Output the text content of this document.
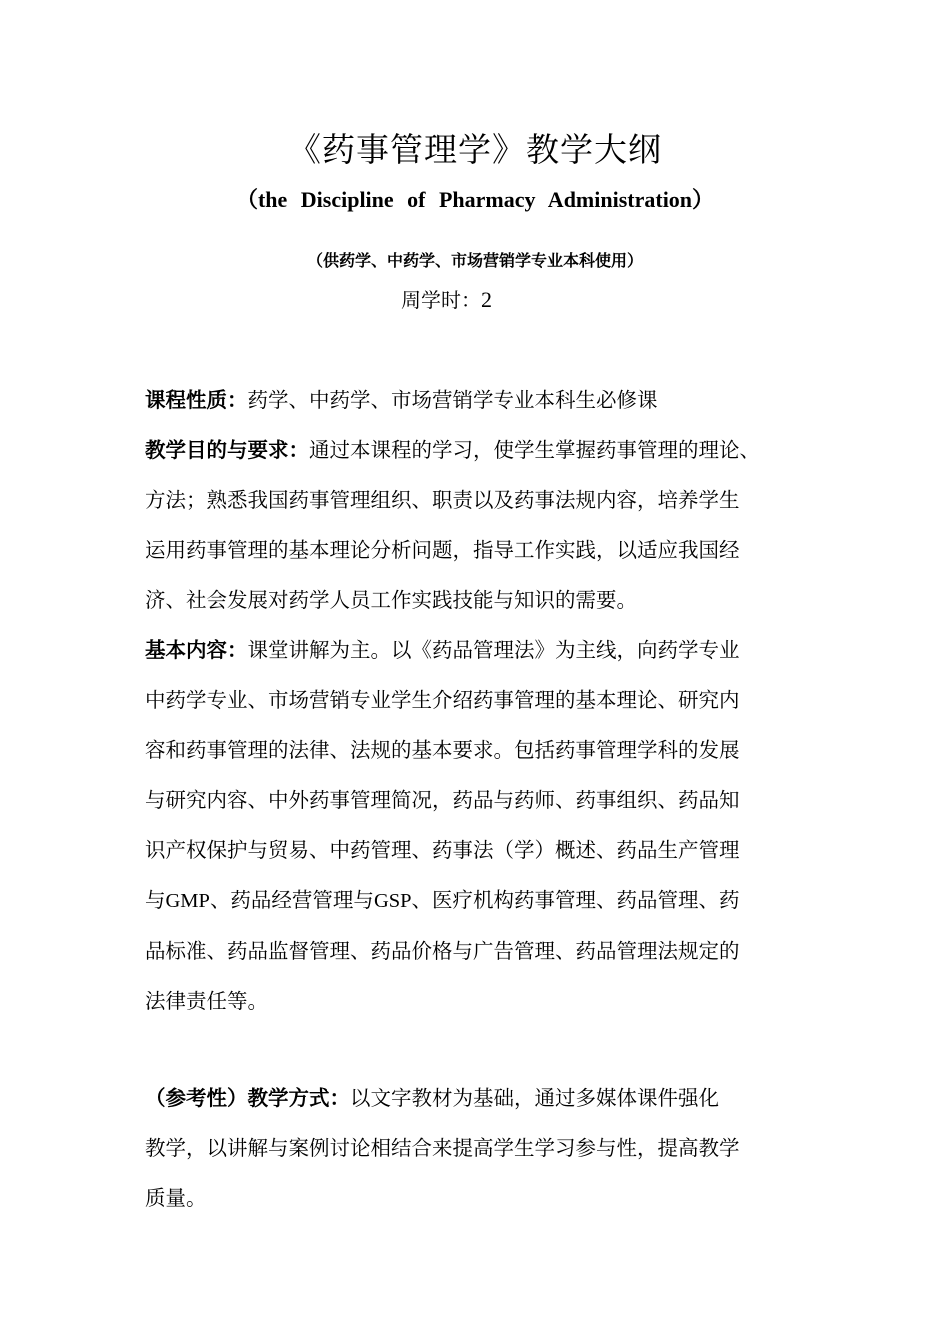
《药事管理学》教学大纲
（the Discipline of Pharmacy Administration）
（供药学、中药学、市场营销学专业本科使用）
周学时：2
课程性质：药学、中药学、市场营销学专业本科生必修课
教学目的与要求：通过本课程的学习，使学生掌握药事管理的理论、
方法；熟悉我国药事管理组织、职责以及药事法规内容，培养学生
运用药事管理的基本理论分析问题，指导工作实践，以适应我国经
济、社会发展对药学人员工作实践技能与知识的需要。
基本内容：课堂讲解为主。以《药品管理法》为主线，向药学专业
中药学专业、市场营销专业学生介绍药事管理的基本理论、研究内
容和药事管理的法律、法规的基本要求。包括药事管理学科的发展
与研究内容、中外药事管理简况，药品与药师、药事组织、药品知
识产权保护与贸易、中药管理、药事法（学）概述、药品生产管理
与GMP、药品经营管理与GSP、医疗机构药事管理、药品管理、药
品标准、药品监督管理、药品价格与广告管理、药品管理法规定的
法律责任等。
（参考性）教学方式：以文字教材为基础，通过多媒体课件强化
教学，以讲解与案例讨论相结合来提高学生学习参与性，提高教学
质量。
